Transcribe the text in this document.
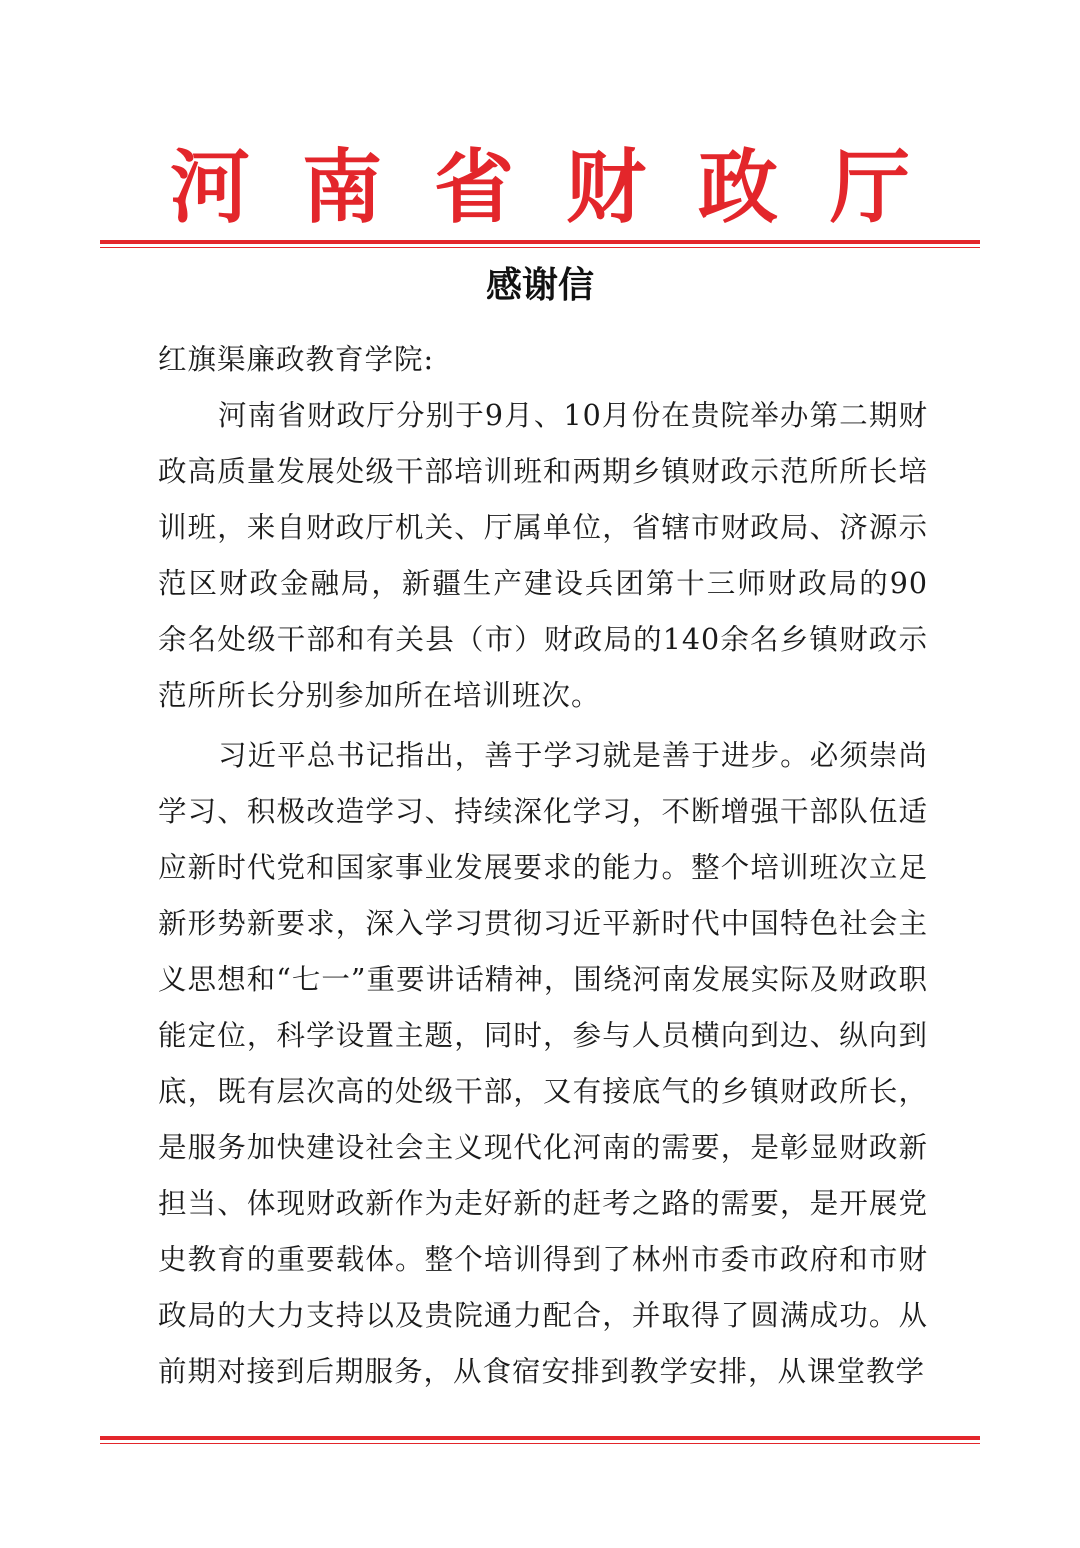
河南省财政厅
感谢信

红旗渠廉政教育学院:

河南省财政厅分别于9月、10月份在贵院举办第二期财政高质量发展处级干部培训班和两期乡镇财政示范所所长培训班，来自财政厅机关、厅属单位，省辖市财政局、济源示范区财政金融局，新疆生产建设兵团第十三师财政局的90余名处级干部和有关县（市）财政局的140余名乡镇财政示范所所长分别参加所在培训班次。

习近平总书记指出，善于学习就是善于进步。必须崇尚学习、积极改造学习、持续深化学习，不断增强干部队伍适应新时代党和国家事业发展要求的能力。整个培训班次立足新形势新要求，深入学习贯彻习近平新时代中国特色社会主义思想和“七一”重要讲话精神，围绕河南发展实际及财政职能定位，科学设置主题，同时，参与人员横向到边、纵向到底，既有层次高的处级干部，又有接底气的乡镇财政所长，是服务加快建设社会主义现代化河南的需要，是彰显财政新担当、体现财政新作为走好新的赶考之路的需要，是开展党史教育的重要载体。整个培训得到了林州市委市政府和市财政局的大力支持以及贵院通力配合，并取得了圆满成功。从前期对接到后期服务，从食宿安排到教学安排，从课堂教学
